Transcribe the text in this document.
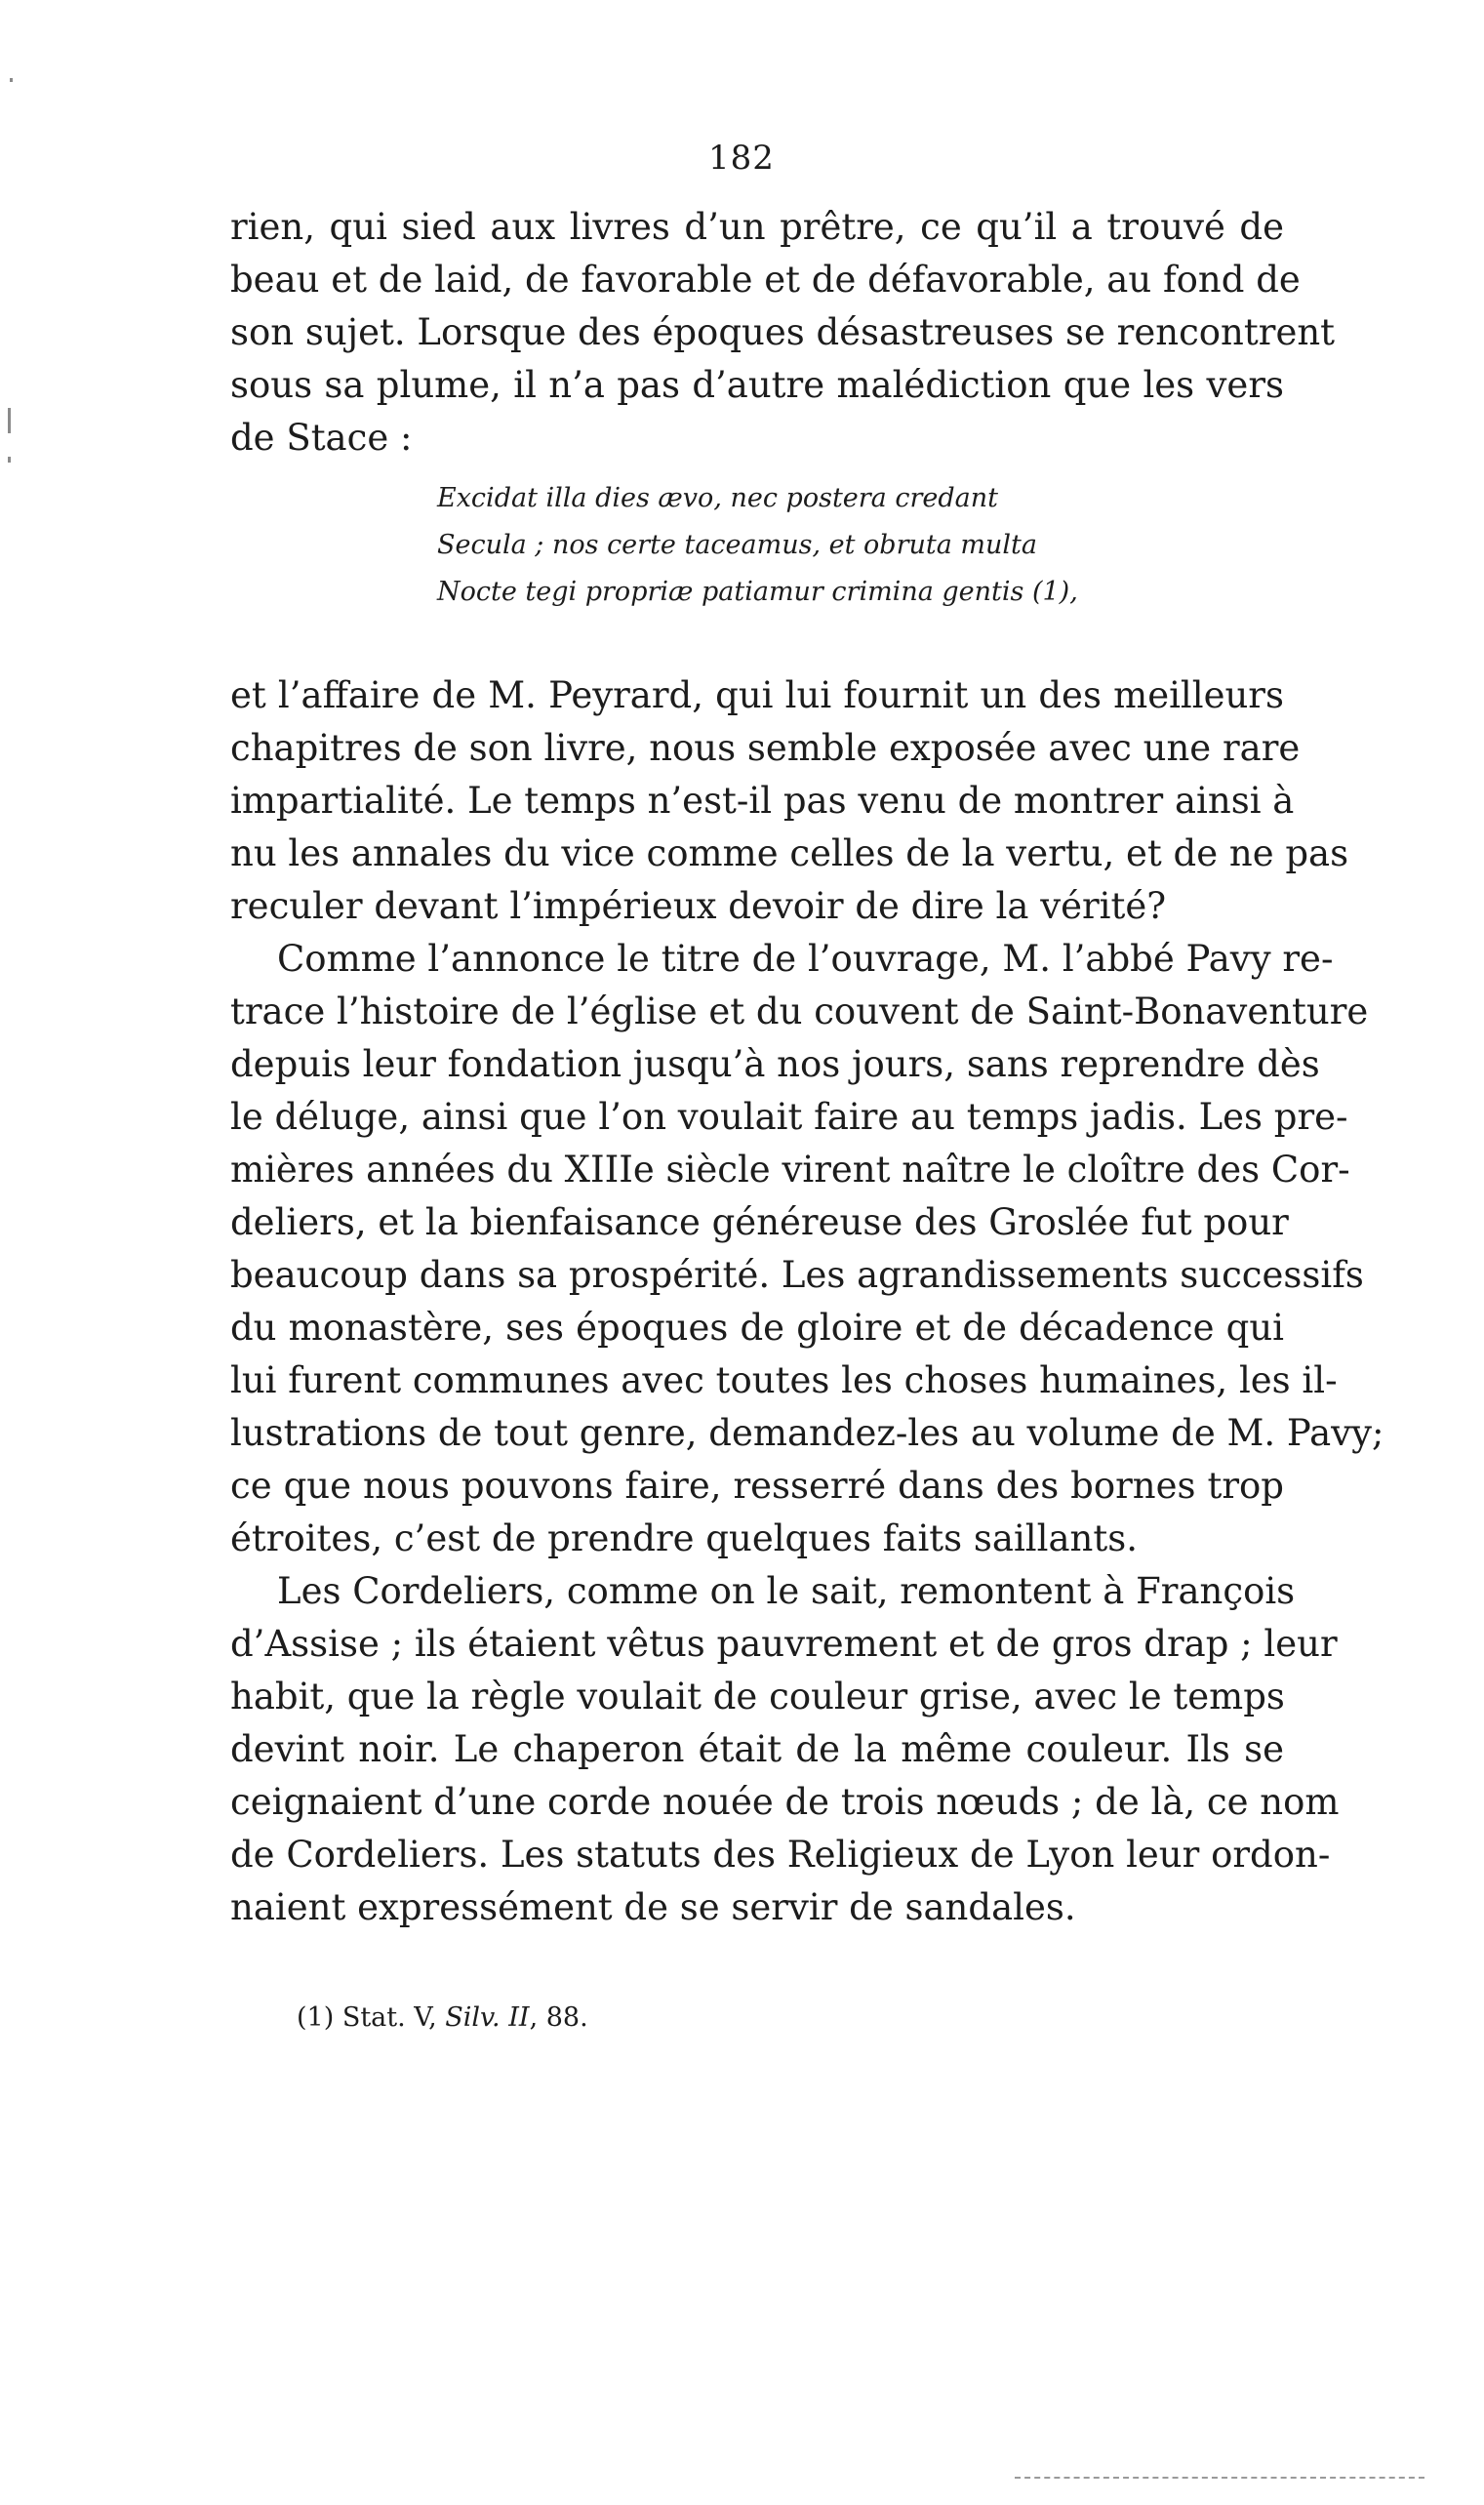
182
rien, qui sied aux livres d’un prêtre, ce qu’il a trouvé de
beau et de laid, de favorable et de défavorable, au fond de
son sujet. Lorsque des époques désastreuses se rencontrent
sous sa plume, il n’a pas d’autre malédiction que les vers
de Stace :
Excidat illa dies ævo, nec postera credant
Secula ; nos certe taceamus, et obruta multa
Nocte tegi propriæ patiamur crimina gentis (1),
et l’affaire de M. Peyrard, qui lui fournit un des meilleurs
chapitres de son livre, nous semble exposée avec une rare
impartialité. Le temps n’est-il pas venu de montrer ainsi à
nu les annales du vice comme celles de la vertu, et de ne pas
reculer devant l’impérieux devoir de dire la vérité?
Comme l’annonce le titre de l’ouvrage, M. l’abbé Pavy re-
trace l’histoire de l’église et du couvent de Saint-Bonaventure
depuis leur fondation jusqu’à nos jours, sans reprendre dès
le déluge, ainsi que l’on voulait faire au temps jadis. Les pre-
mières années du XIIIe siècle virent naître le cloître des Cor-
deliers, et la bienfaisance généreuse des Groslée fut pour
beaucoup dans sa prospérité. Les agrandissements successifs
du monastère, ses époques de gloire et de décadence qui
lui furent communes avec toutes les choses humaines, les il-
lustrations de tout genre, demandez-les au volume de M. Pavy;
ce que nous pouvons faire, resserré dans des bornes trop
étroites, c’est de prendre quelques faits saillants.
Les Cordeliers, comme on le sait, remontent à François
d’Assise ; ils étaient vêtus pauvrement et de gros drap ; leur
habit, que la règle voulait de couleur grise, avec le temps
devint noir. Le chaperon était de la même couleur. Ils se
ceignaient d’une corde nouée de trois nœuds ; de là, ce nom
de Cordeliers. Les statuts des Religieux de Lyon leur ordon-
naient expressément de se servir de sandales.
(1) Stat. V, Silv. II, 88.
